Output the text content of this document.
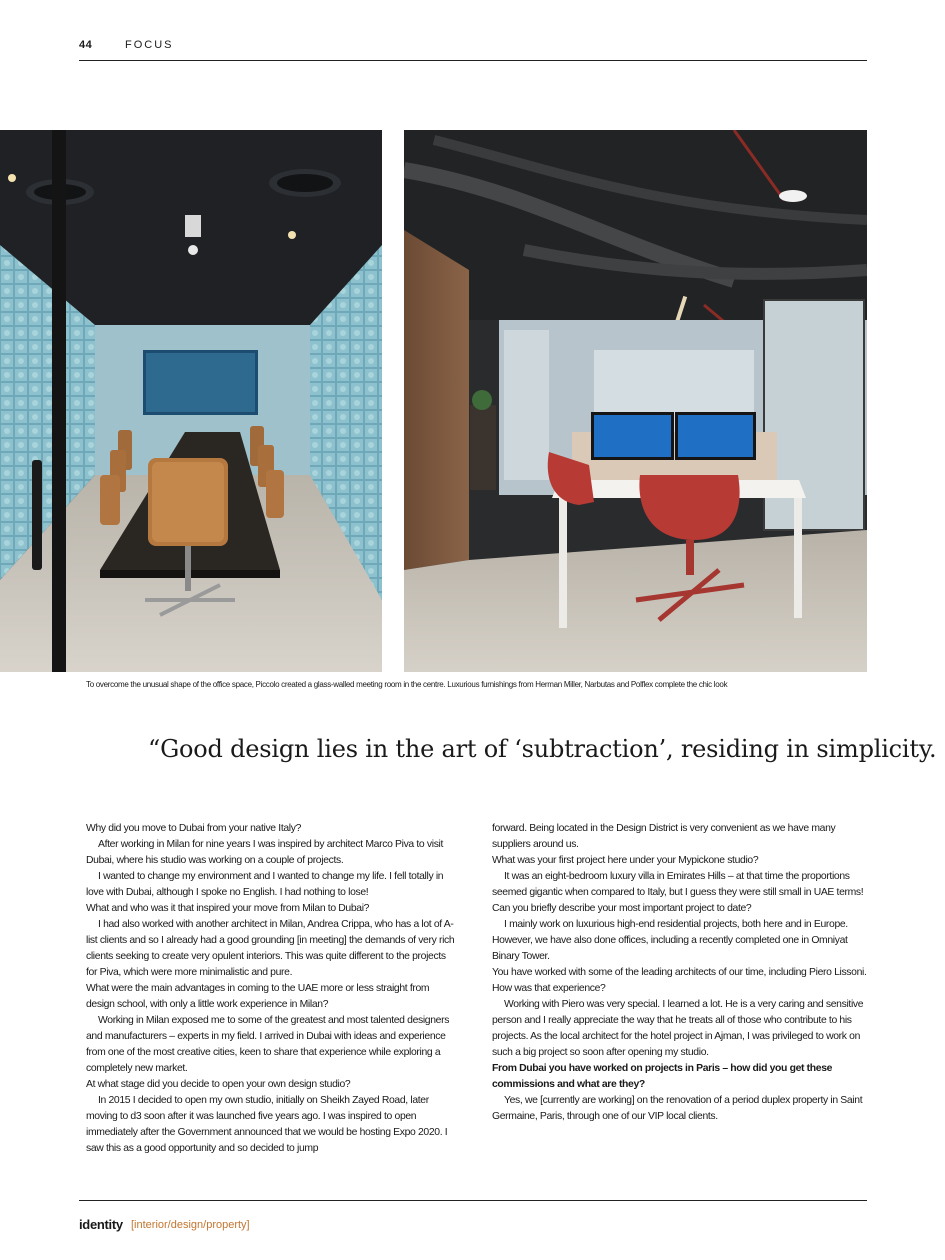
44	FOCUS
To overcome the unusual shape of the office space, Piccolo created a glass-walled meeting room in the centre. Luxurious furnishings from Herman Miller, Narbutas and Polflex complete the chic look
“Good design lies in the art of ‘subtraction’, residing in simplicity.

Why did you move to Dubai from your native Italy?

After working in Milan for nine years I was inspired by architect Marco Piva to visit Dubai, where his studio was working on a couple of projects.

I wanted to change my environment and I wanted to change my life. I fell totally in love with Dubai, although I spoke no English. I had nothing to lose!

What and who was it that inspired your move from Milan to Dubai?

I had also worked with another architect in Milan, Andrea Crippa, who has a lot of A-list clients and so I already had a good grounding [in meeting] the demands of very rich clients seeking to create very opulent interiors. This was quite different to the projects for Piva, which were more minimalistic and pure.

What were the main advantages in coming to the UAE more or less straight from design school, with only a little work experience in Milan?

Working in Milan exposed me to some of the greatest and most talented designers and manufacturers – experts in my field. I arrived in Dubai with ideas and experience from one of the most creative cities, keen to share that experience while exploring a completely new market.

At what stage did you decide to open your own design studio?

In 2015 I decided to open my own studio, initially on Sheikh Zayed Road, later moving to d3 soon after it was launched five years ago. I was inspired to open immediately after the Government announced that we would be hosting Expo 2020. I saw this as a good opportunity and so decided to jump

forward. Being located in the Design District is very convenient as we have many suppliers around us.

What was your first project here under your Mypickone studio?

It was an eight-bedroom luxury villa in Emirates Hills – at that time the proportions seemed gigantic when compared to Italy, but I guess they were still small in UAE terms!

Can you briefly describe your most important project to date?

I mainly work on luxurious high-end residential projects, both here and in Europe. However, we have also done offices, including a recently completed one in Omniyat Binary Tower.

You have worked with some of the leading architects of our time, including Piero Lissoni. How was that experience?

Working with Piero was very special. I learned a lot. He is a very caring and sensitive person and I really appreciate the way that he treats all of those who contribute to his projects. As the local architect for the hotel project in Ajman, I was privileged to work on such a big project so soon after opening my studio.

From Dubai you have worked on projects in Paris – how did you get these commissions and what are they?

Yes, we [currently are working] on the renovation of a period duplex property in Saint Germaine, Paris, through one of our VIP local clients.

identity [interior/design/property]
